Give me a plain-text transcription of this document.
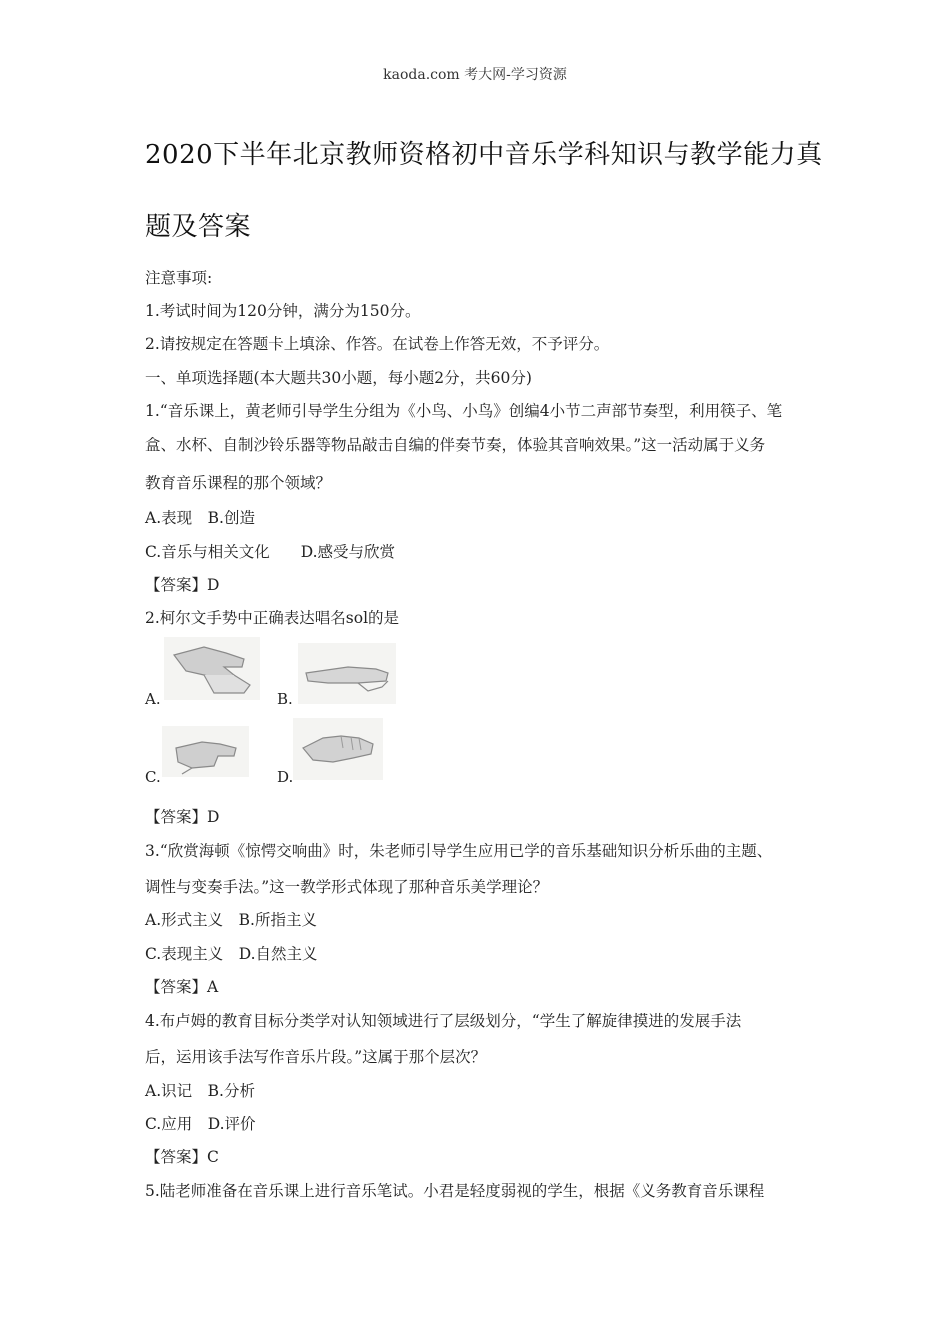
kaoda.com 考大网-学习资源
2020下半年北京教师资格初中音乐学科知识与教学能力真
题及答案
注意事项:
1.考试时间为120分钟，满分为150分。
2.请按规定在答题卡上填涂、作答。在试卷上作答无效，不予评分。
一、单项选择题(本大题共30小题，每小题2分，共60分)
1.“音乐课上，黄老师引导学生分组为《小鸟、小鸟》创编4小节二声部节奏型，利用筷子、笔
盒、水杯、自制沙铃乐器等物品敲击自编的伴奏节奏，体验其音响效果。”这一活动属于义务
教育音乐课程的那个领域？
A.表现　B.创造
C.音乐与相关文化　　D.感受与欣赏
【答案】D
2.柯尔文手势中正确表达唱名sol的是
A.	B.
C.	D.
【答案】D
3.“欣赏海顿《惊愕交响曲》时，朱老师引导学生应用已学的音乐基础知识分析乐曲的主题、
调性与变奏手法。”这一教学形式体现了那种音乐美学理论？
A.形式主义　B.所指主义
C.表现主义　D.自然主义
【答案】A
4.布卢姆的教育目标分类学对认知领域进行了层级划分，“学生了解旋律摸进的发展手法
后，运用该手法写作音乐片段。”这属于那个层次？
A.识记　B.分析
C.应用　D.评价
【答案】C
5.陆老师准备在音乐课上进行音乐笔试。小君是轻度弱视的学生，根据《义务教育音乐课程
